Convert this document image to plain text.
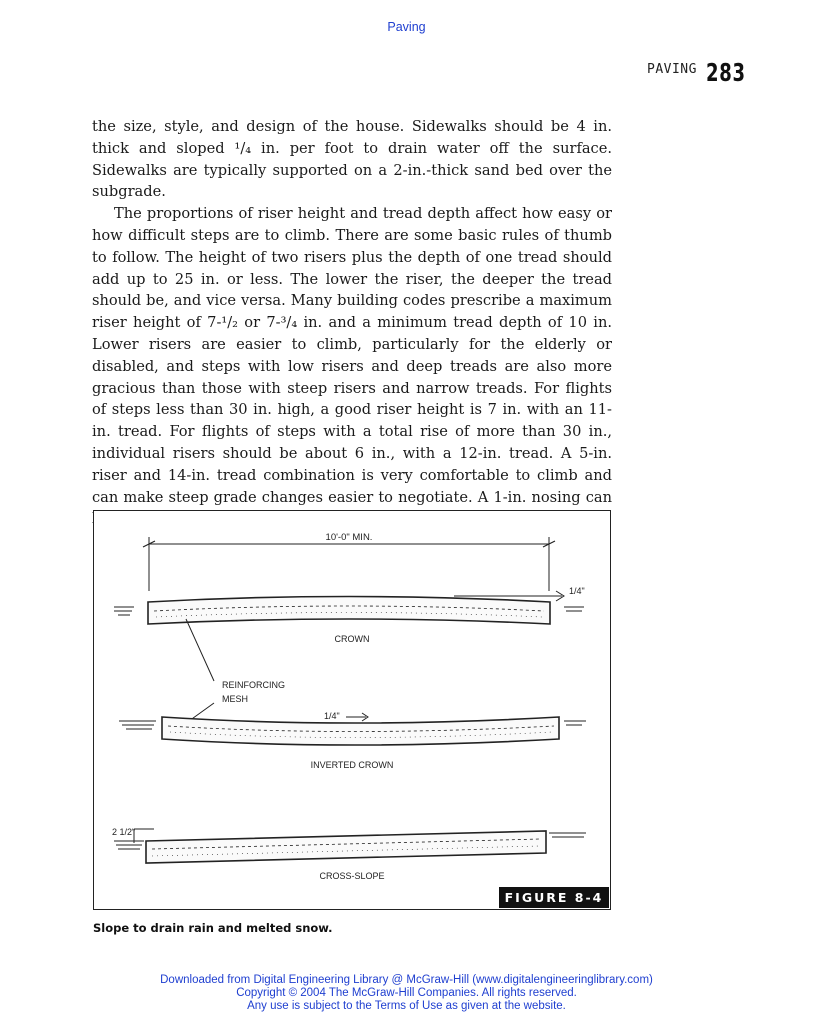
Paving
PAVING 283

the size, style, and design of the house. Sidewalks should be 4 in. thick and sloped ¹/₄ in. per foot to drain water off the surface. Sidewalks are typically supported on a 2-in.-thick sand bed over the subgrade.

The proportions of riser height and tread depth affect how easy or how difficult steps are to climb. There are some basic rules of thumb to follow. The height of two risers plus the depth of one tread should add up to 25 in. or less. The lower the riser, the deeper the tread should be, and vice versa. Many building codes prescribe a maximum riser height of 7-¹/₂ or 7-³/₄ in. and a minimum tread depth of 10 in. Lower risers are easier to climb, particularly for the elderly or disabled, and steps with low risers and deep treads are also more gracious than those with steep risers and narrow treads. For flights of steps less than 30 in. high, a good riser height is 7 in. with an 11-in. tread. For flights of steps with a total rise of more than 30 in., individual risers should be about 6 in., with a 12-in. tread. A 5-in. riser and 14-in. tread combination is very comfortable to climb and can make steep grade changes easier to negotiate. A 1-in. nosing can

10'-0" MIN.
1/4"
CROWN
REINFORCING
MESH
1/4"
INVERTED CROWN
2 1/2"
CROSS-SLOPE
FIGURE 8-4
Slope to drain rain and melted snow.
Downloaded from Digital Engineering Library @ McGraw-Hill (www.digitalengineeringlibrary.com)
Copyright © 2004 The McGraw-Hill Companies. All rights reserved.
Any use is subject to the Terms of Use as given at the website.
